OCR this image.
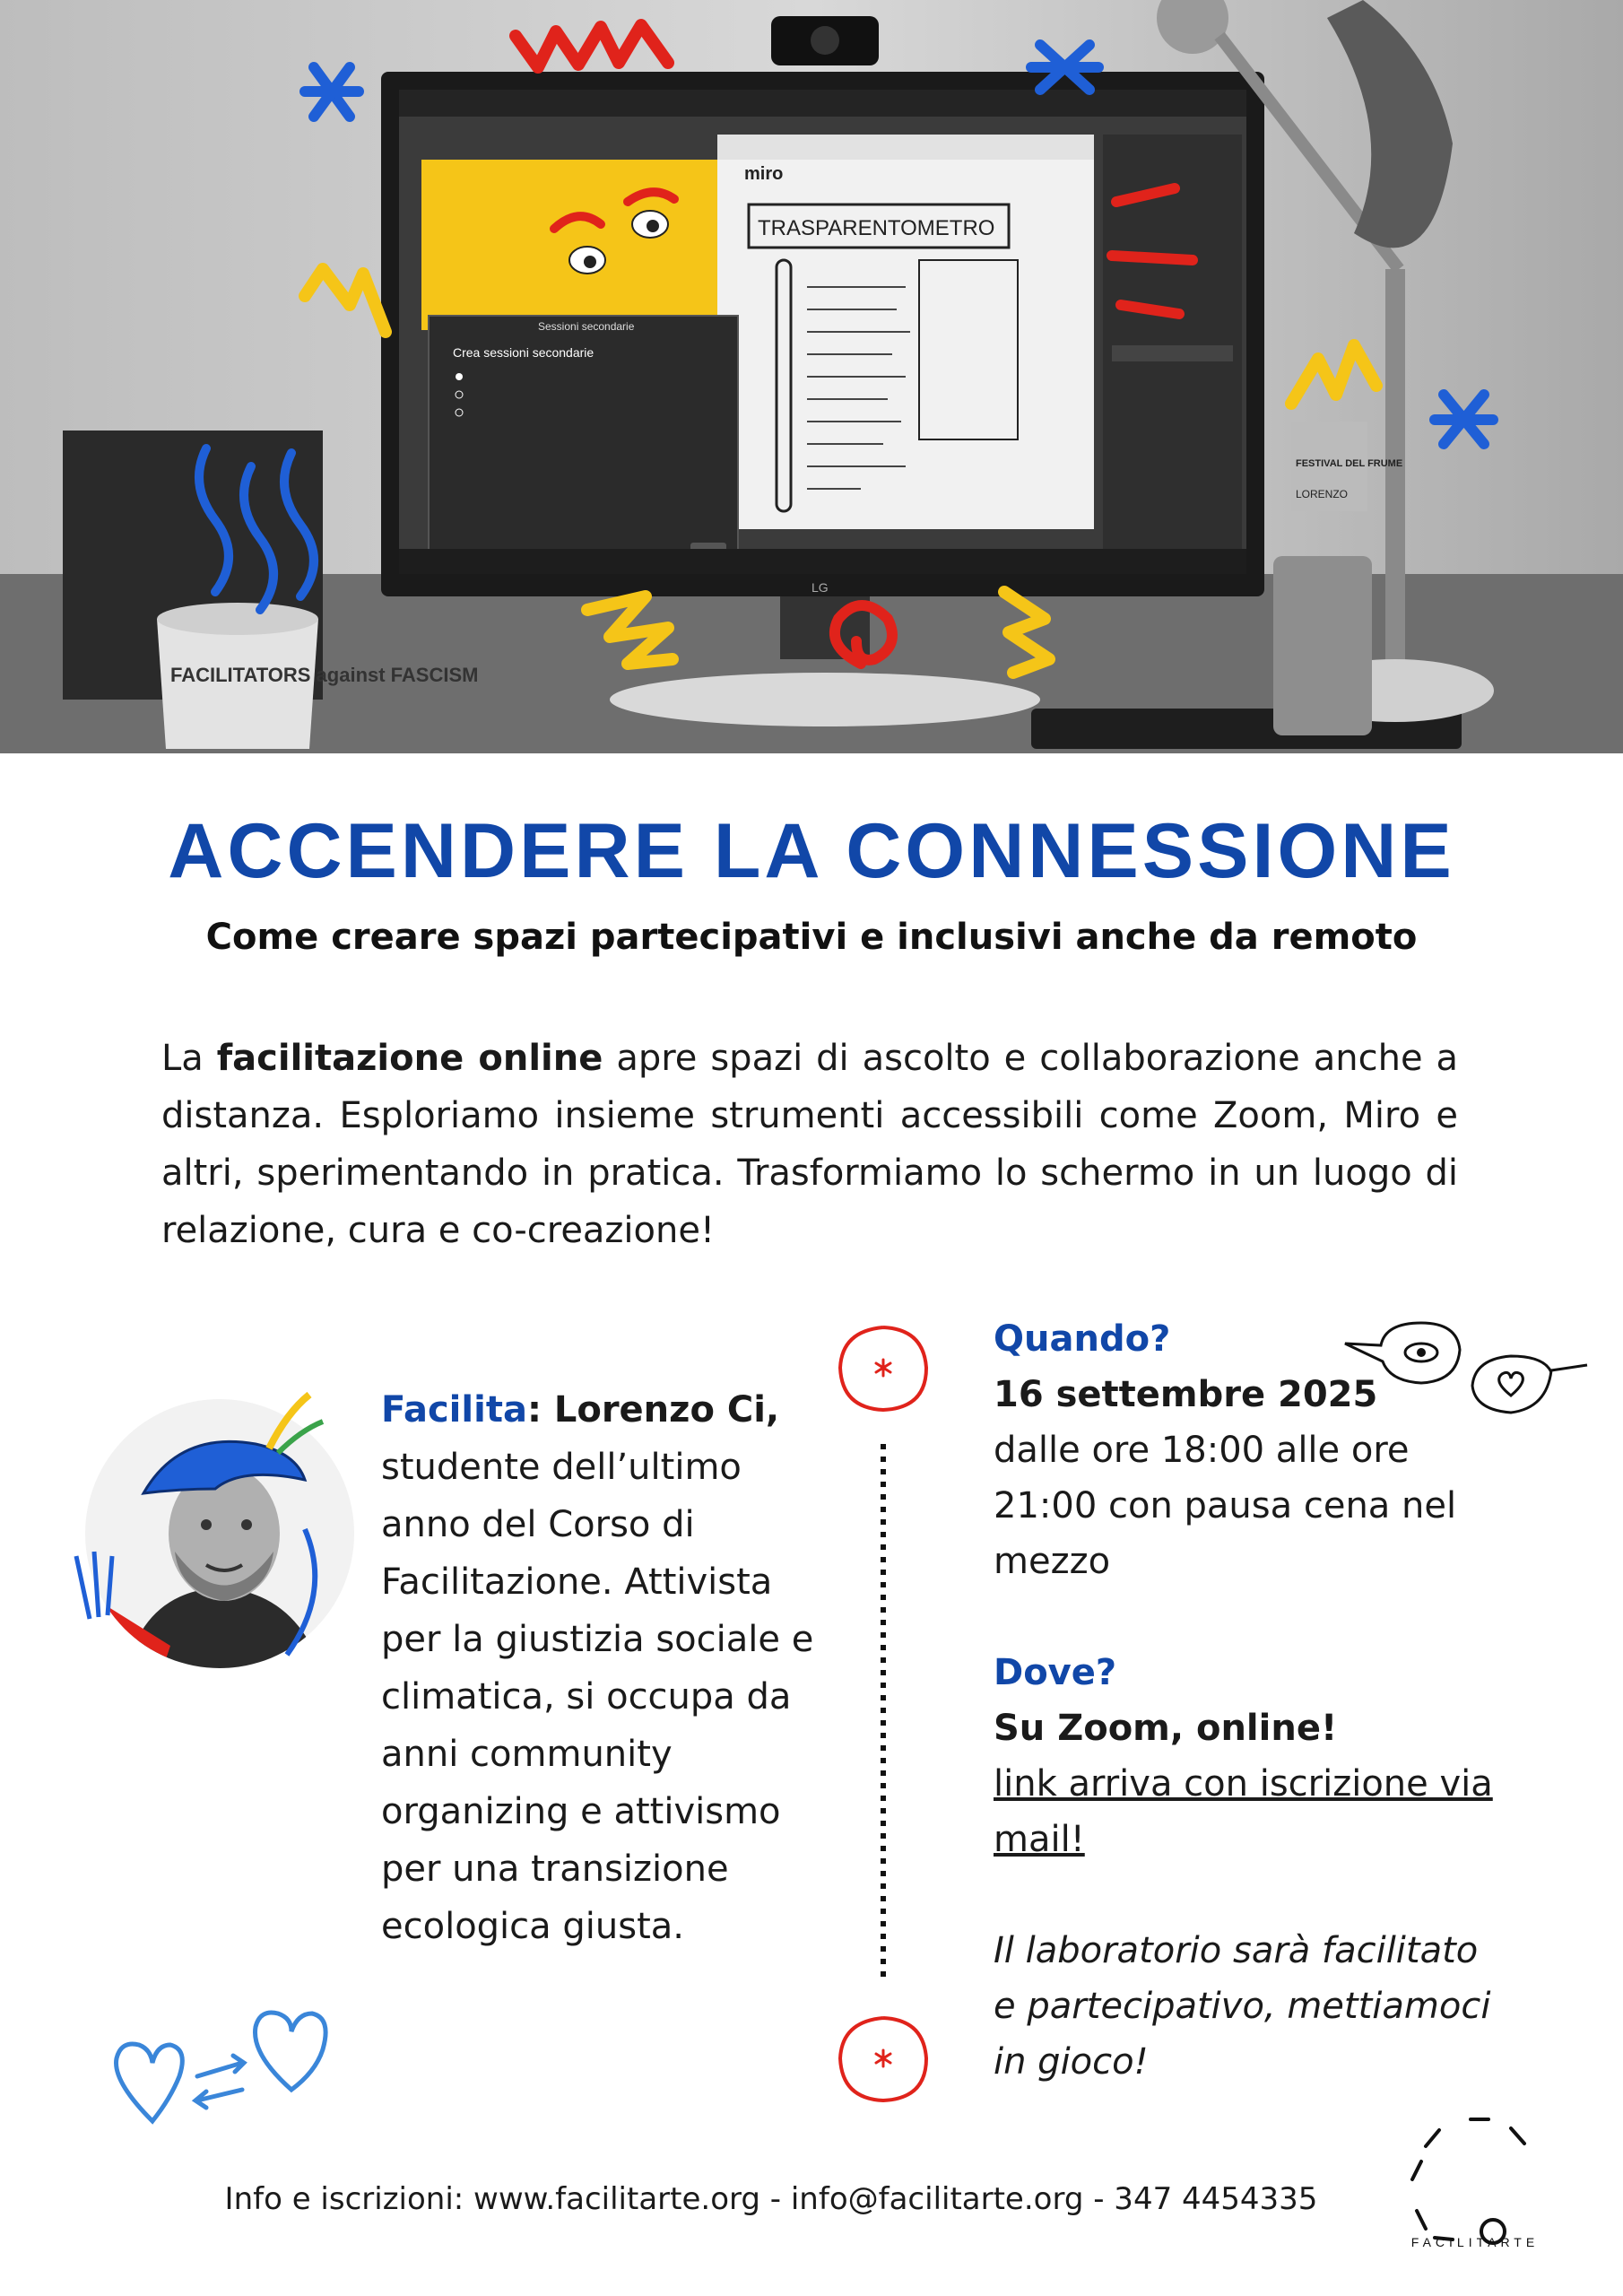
miro
TRASPARENTOMETRO
Sessioni secondarie
Crea sessioni secondarie
LG
FACILITATORS against FASCISM
FESTIVAL DEL FRUME
LORENZO
ACCENDERE LA CONNESSIONE
Come creare spazi partecipativi e inclusivi anche da remoto

La facilitazione online apre spazi di ascolto e collaborazione anche a distanza. Esploriamo insieme strumenti accessibili come Zoom, Miro e altri, sperimentando in pratica. Trasformiamo lo schermo in un luogo di relazione, cura e co-creazione!

Facilita: Lorenzo Ci, studente dell’ultimo anno del Corso di Facilitazione. Attivista per la giustizia sociale e climatica, si occupa da anni community organizing e attivismo per una transizione ecologica giusta.
Quando?
16 settembre 2025
dalle ore 18:00 alle ore 21:00 con pausa cena nel mezzo
Dove?
Su Zoom, online!
link arriva con iscrizione via mail!
Il laboratorio sarà facilitato e partecipativo, mettiamoci in gioco!
FACILITARTE
Info e iscrizioni: www.facilitarte.org - info@facilitarte.org - 347 4454335
